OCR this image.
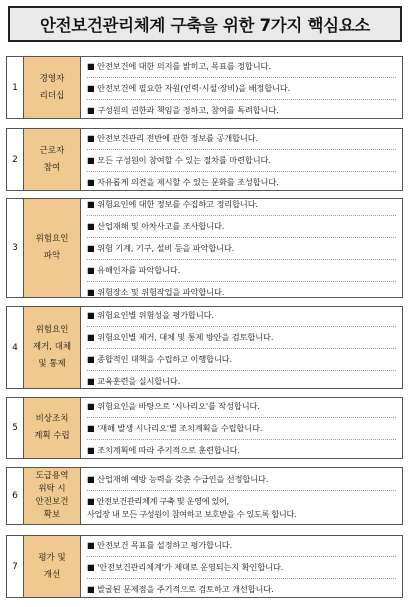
안전보건관리체계 구축을 위한 7가지 핵심요소
1
경영자
리더십
■ 안전보건에 대한 의지를 밝히고, 목표를 정합니다.
■ 안전보건에 필요한 자원(인력·시설·장비)을 배정합니다.
■ 구성원의 권한과 책임을 정하고, 참여를 독려합니다.
2
근로자
참여
■ 안전보건관리 전반에 관한 정보를 공개합니다.
■ 모든 구성원이 참여할 수 있는 절차를 마련합니다.
■ 자유롭게 의견을 제시할 수 있는 문화를 조성합니다.
3
위험요인
파악
■ 위험요인에 대한 정보를 수집하고 정리합니다.
■ 산업재해 및 아차사고를 조사합니다.
■ 위험 기계, 기구, 설비 등을 파악합니다.
■ 유해인자를 파악합니다.
■ 위험장소 및 위험작업을 파악합니다.
4
위험요인
제거, 대체
및 통제
■ 위험요인별 위험성을 평가합니다.
■ 위험요인별 제거, 대체 및 통제 방안을 검토합니다.
■ 종합적인 대책을 수립하고 이행합니다.
■ 교육훈련을 실시합니다.
5
비상조치
계획 수립
■ 위험요인을 바탕으로 '시나리오'를 작성합니다.
■ '재해 발생 시나리오'별 조치계획을 수립합니다.
■ 조치계획에 따라 주기적으로 훈련합니다.
6
도급용역
위탁 시
안전보건
확보
■ 산업재해 예방 능력을 갖춘 수급인을 선정합니다.
■ 안전보건관리체계 구축 및 운영에 있어,
사업장 내 모든 구성원이 참여하고 보호받을 수 있도록 합니다.
7
평가 및
개선
■ 안전보건 목표를 설정하고 평가합니다.
■ '안전보건관리체계'가 제대로 운영되는지 확인합니다.
■ 발굴된 문제점을 주기적으로 검토하고 개선합니다.
